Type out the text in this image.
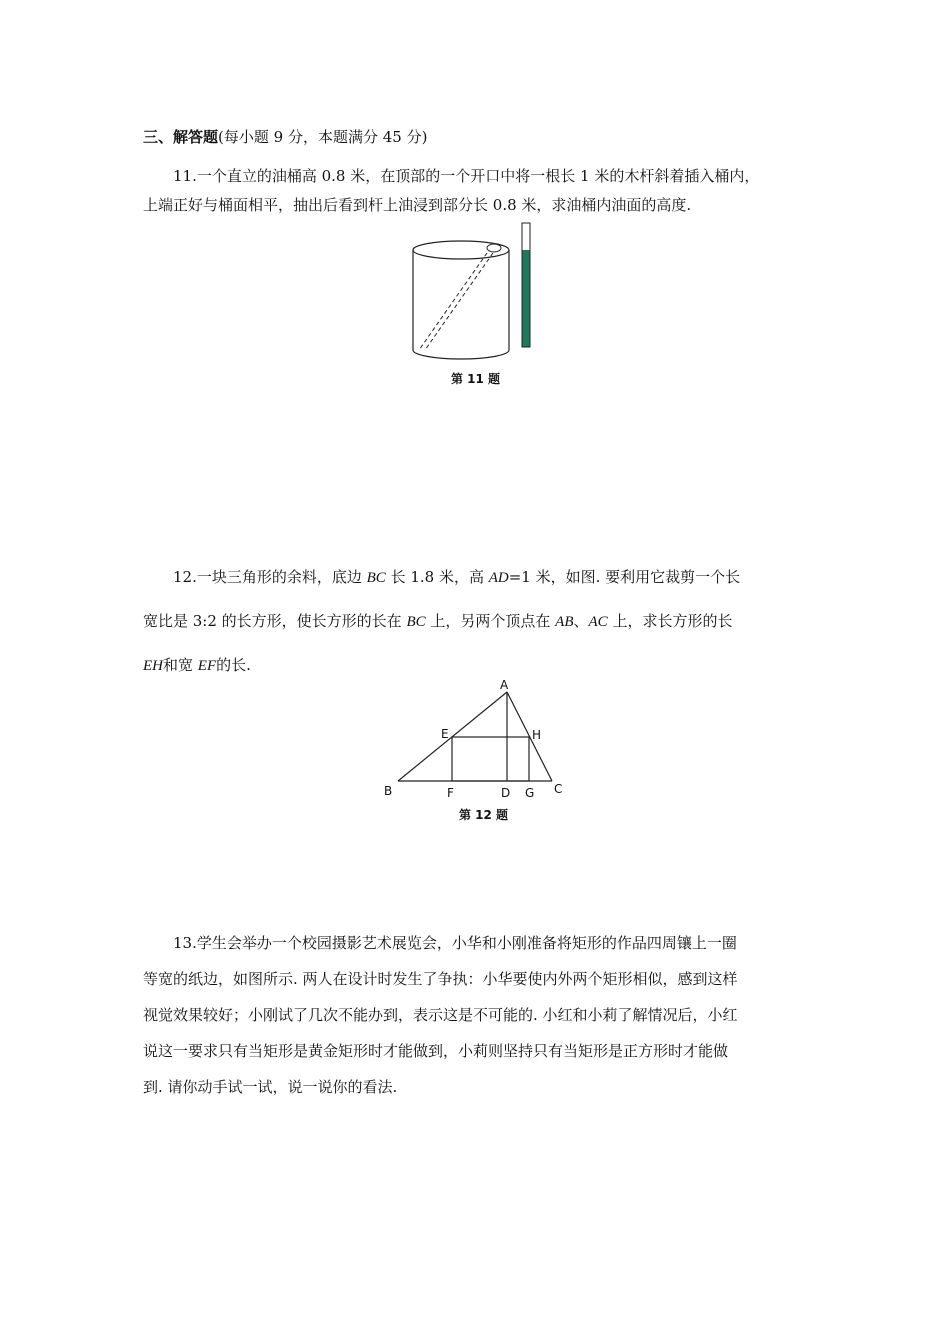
三、解答题(每小题 9 分，本题满分 45 分)
11.一个直立的油桶高 0.8 米，在顶部的一个开口中将一根长 1 米的木杆斜着插入桶内，
上端正好与桶面相平，抽出后看到杆上油浸到部分长 0.8 米，求油桶内油面的高度.
第 11 题
12.一块三角形的余料，底边 BC 长 1.8 米，高 AD=1 米，如图. 要利用它裁剪一个长
宽比是 3:2 的长方形，使长方形的长在 BC 上，另两个顶点在 AB、AC 上，求长方形的长
EH和宽 EF的长.
A
B	C
D
E
F	G
H
第 12 题
13.学生会举办一个校园摄影艺术展览会，小华和小刚准备将矩形的作品四周镶上一圈
等宽的纸边，如图所示. 两人在设计时发生了争执：小华要使内外两个矩形相似，感到这样
视觉效果较好；小刚试了几次不能办到，表示这是不可能的. 小红和小莉了解情况后，小红
说这一要求只有当矩形是黄金矩形时才能做到，小莉则坚持只有当矩形是正方形时才能做
到. 请你动手试一试，说一说你的看法.
